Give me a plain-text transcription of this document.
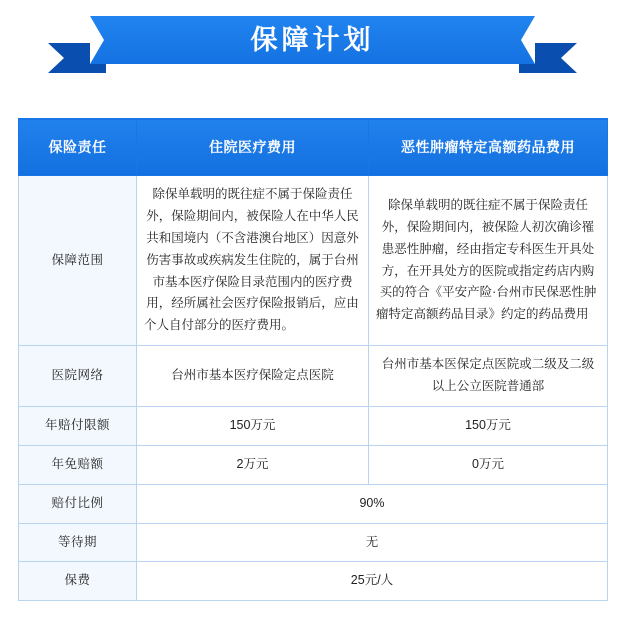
保障计划
保险责任	住院医疗费用	恶性肿瘤特定高额药品费用
保障范围	除保单载明的既往症不属于保险责任外，保险期间内，被保险人在中华人民共和国境内（不含港澳台地区）因意外伤害事故或疾病发生住院的，属于台州市基本医疗保险目录范围内的医疗费用，经所属社会医疗保险报销后，应由个人自付部分的医疗费用。	除保单载明的既往症不属于保险责任外，保险期间内，被保险人初次确诊罹患恶性肿瘤，经由指定专科医生开具处方，在开具处方的医院或指定药店内购买的符合《平安产险·台州市民保恶性肿瘤特定高额药品目录》约定的药品费用
医院网络	台州市基本医疗保险定点医院	台州市基本医保定点医院或二级及二级以上公立医院普通部
年赔付限额	150万元	150万元
年免赔额	2万元	0万元
赔付比例	90%	
等待期	无	
保费	25元/人	
